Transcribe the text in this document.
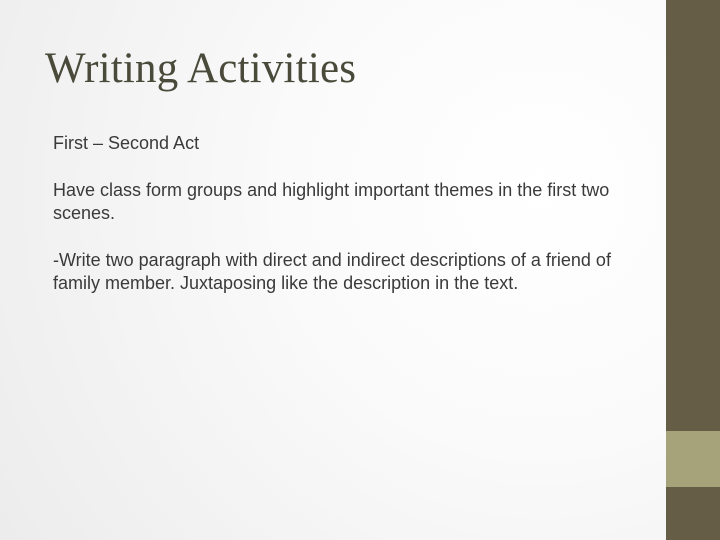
Writing Activities

First – Second Act

Have class form groups and highlight important themes in the first two scenes.

-Write two paragraph with direct and indirect descriptions of a friend of family member. Juxtaposing like the description in the text.
